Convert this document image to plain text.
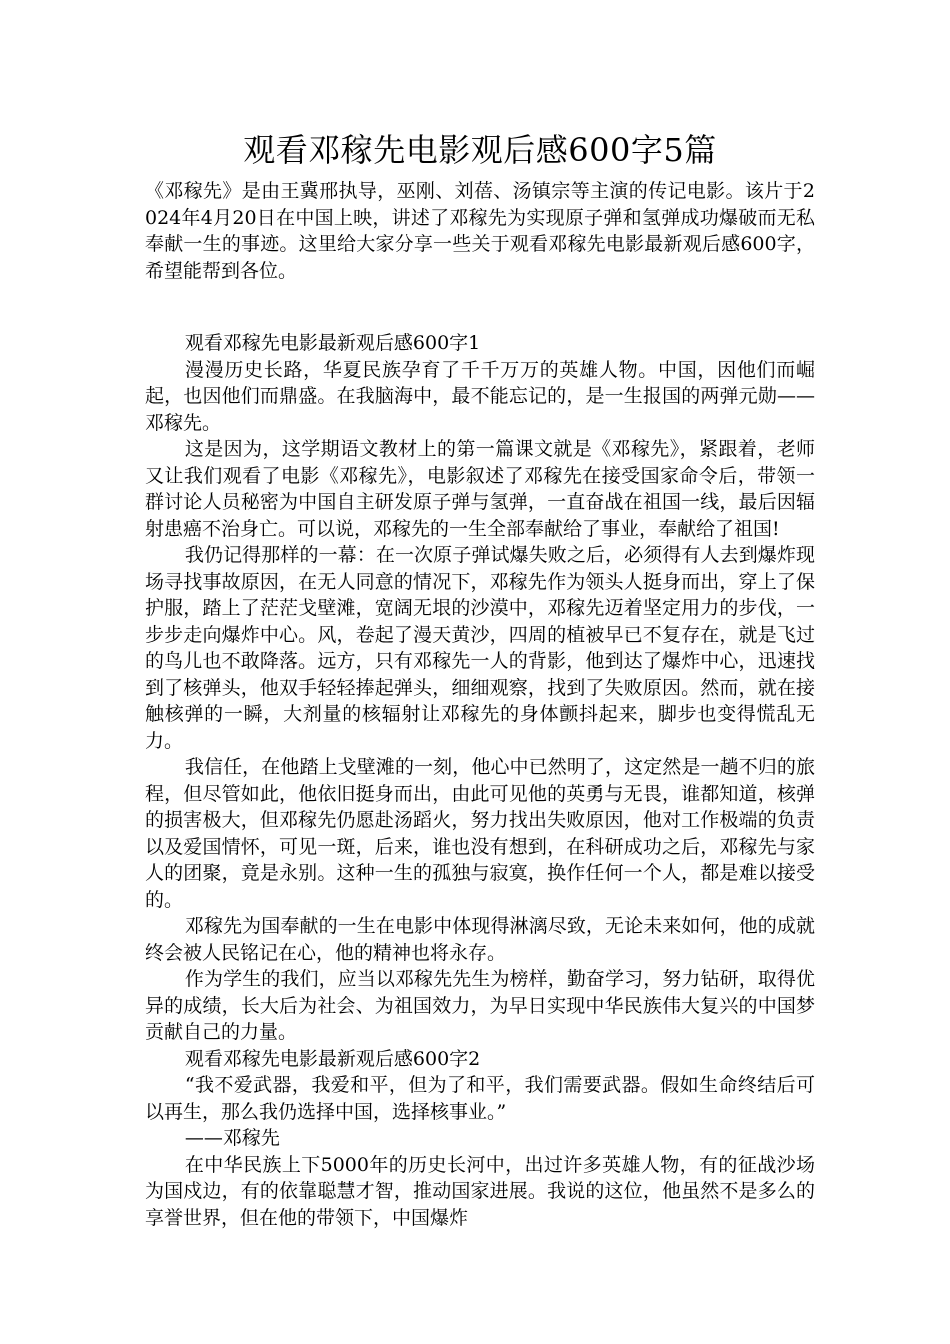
观看邓稼先电影观后感600字5篇

《邓稼先》是由王冀邢执导，巫刚、刘蓓、汤镇宗等主演的传记电影。该片于2024年4月20日在中国上映，讲述了邓稼先为实现原子弹和氢弹成功爆破而无私奉献一生的事迹。这里给大家分享一些关于观看邓稼先电影最新观后感600字，希望能帮到各位。

观看邓稼先电影最新观后感600字1

漫漫历史长路，华夏民族孕育了千千万万的英雄人物。中国，因他们而崛起，也因他们而鼎盛。在我脑海中，最不能忘记的，是一生报国的两弹元勋——邓稼先。

这是因为，这学期语文教材上的第一篇课文就是《邓稼先》，紧跟着，老师又让我们观看了电影《邓稼先》，电影叙述了邓稼先在接受国家命令后，带领一群讨论人员秘密为中国自主研发原子弹与氢弹，一直奋战在祖国一线，最后因辐射患癌不治身亡。可以说，邓稼先的一生全部奉献给了事业，奉献给了祖国!

我仍记得那样的一幕：在一次原子弹试爆失败之后，必须得有人去到爆炸现场寻找事故原因，在无人同意的情况下，邓稼先作为领头人挺身而出，穿上了保护服，踏上了茫茫戈壁滩，宽阔无垠的沙漠中，邓稼先迈着坚定用力的步伐，一步步走向爆炸中心。风，卷起了漫天黄沙，四周的植被早已不复存在，就是飞过的鸟儿也不敢降落。远方，只有邓稼先一人的背影，他到达了爆炸中心，迅速找到了核弹头，他双手轻轻捧起弹头，细细观察，找到了失败原因。然而，就在接触核弹的一瞬，大剂量的核辐射让邓稼先的身体颤抖起来，脚步也变得慌乱无力。

我信任，在他踏上戈壁滩的一刻，他心中已然明了，这定然是一趟不归的旅程，但尽管如此，他依旧挺身而出，由此可见他的英勇与无畏，谁都知道，核弹的损害极大，但邓稼先仍愿赴汤蹈火，努力找出失败原因，他对工作极端的负责以及爱国情怀，可见一斑，后来，谁也没有想到，在科研成功之后，邓稼先与家人的团聚，竟是永别。这种一生的孤独与寂寞，换作任何一个人，都是难以接受的。

邓稼先为国奉献的一生在电影中体现得淋漓尽致，无论未来如何，他的成就终会被人民铭记在心，他的精神也将永存。

作为学生的我们，应当以邓稼先先生为榜样，勤奋学习，努力钻研，取得优异的成绩，长大后为社会、为祖国效力，为早日实现中华民族伟大复兴的中国梦贡献自己的力量。

观看邓稼先电影最新观后感600字2

“我不爱武器，我爱和平，但为了和平，我们需要武器。假如生命终结后可以再生，那么我仍选择中国，选择核事业。”

——邓稼先

在中华民族上下5000年的历史长河中，出过许多英雄人物，有的征战沙场为国戍边，有的依靠聪慧才智，推动国家进展。我说的这位，他虽然不是多么的享誉世界，但在他的带领下，中国爆炸
